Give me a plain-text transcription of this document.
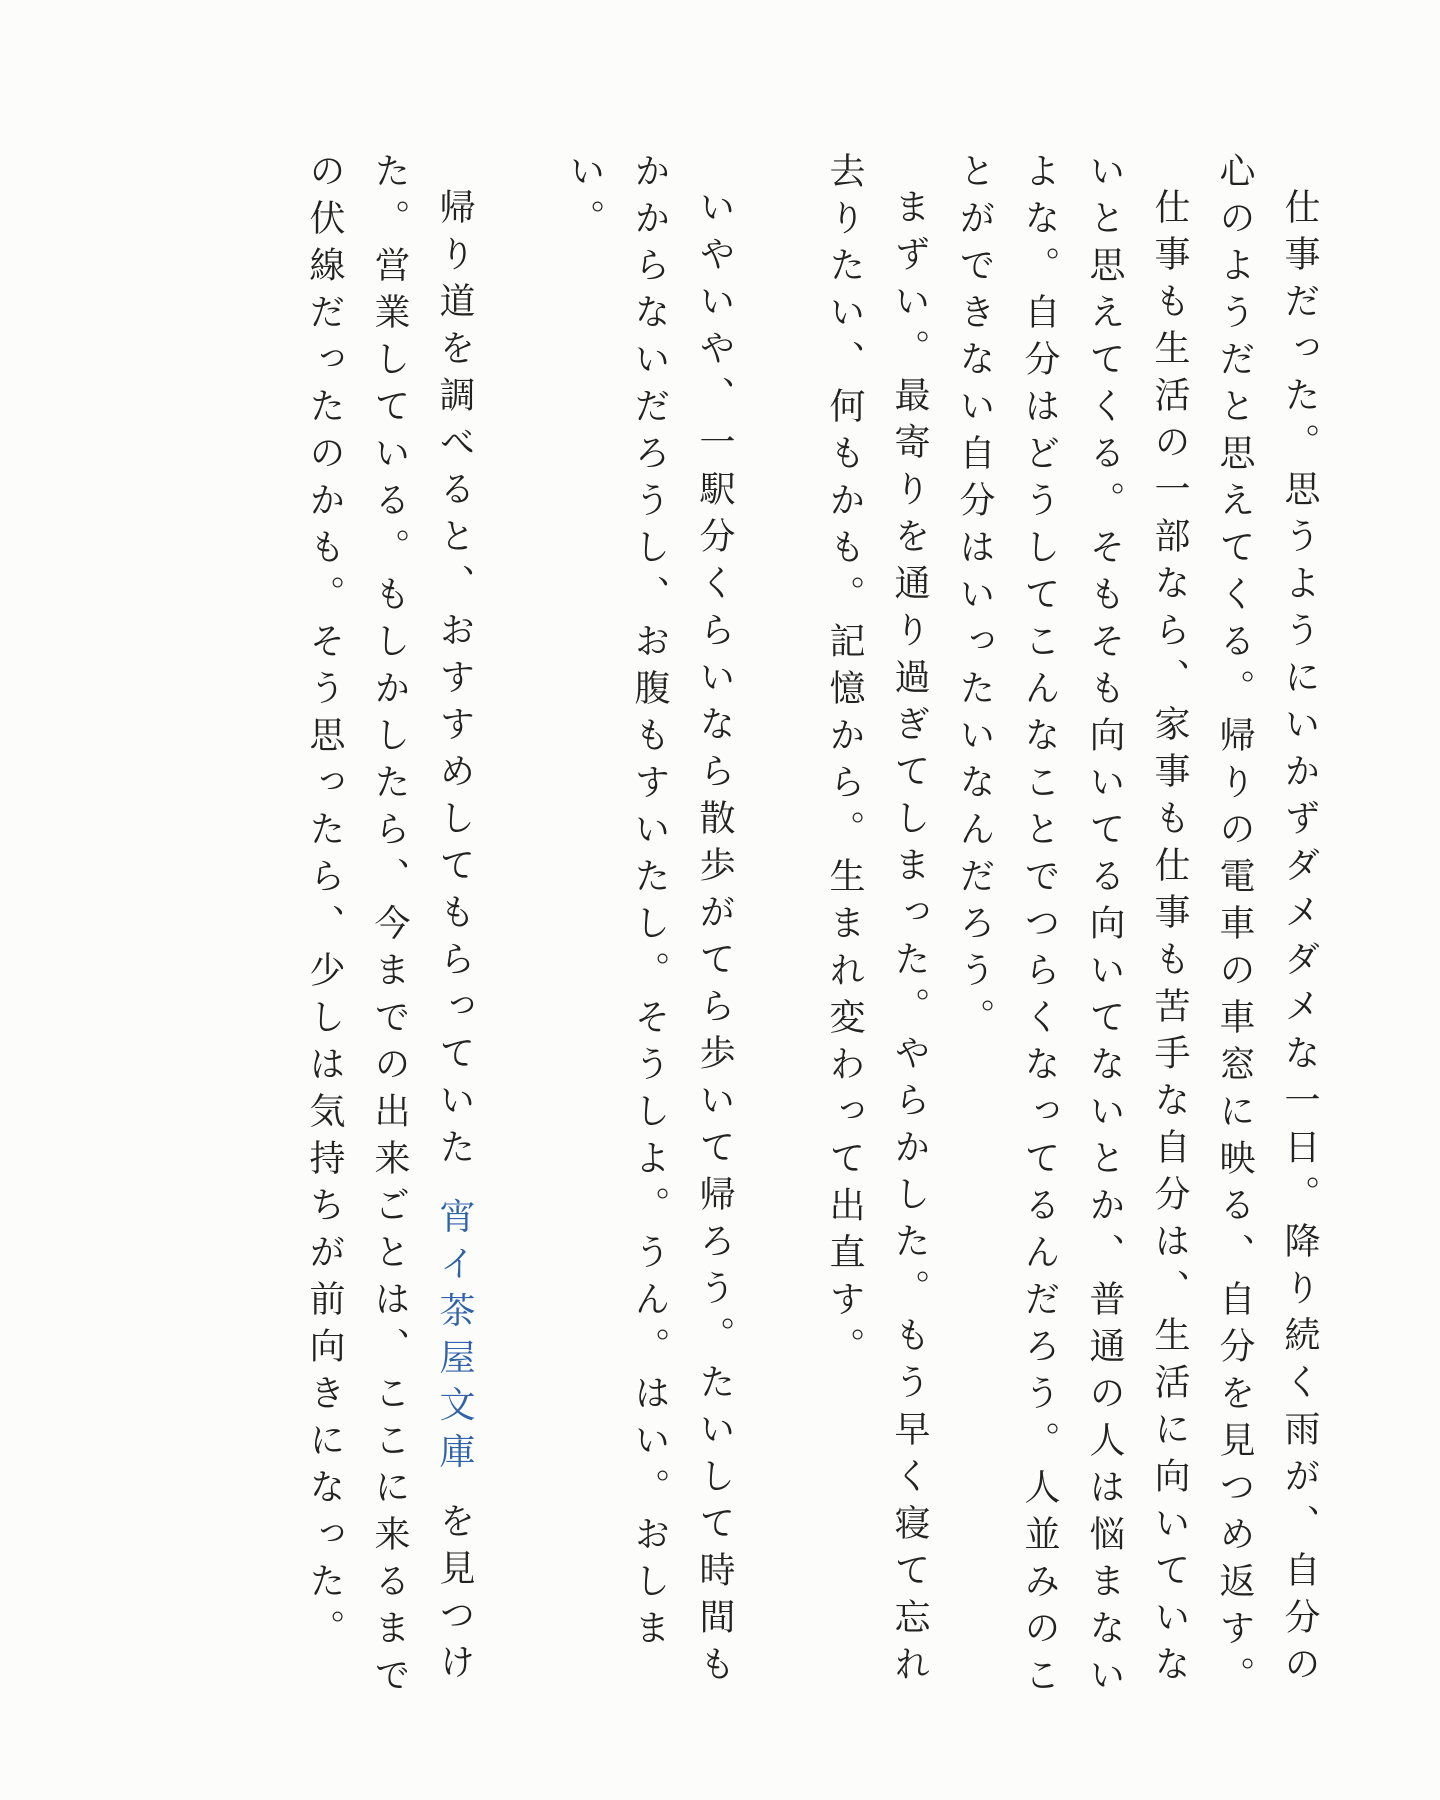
仕事だった。思うようにいかずダメダメな一日。降り続く雨が、自分の心のようだと思えてくる。帰りの電車の車窓に映る、自分を見つめ返す。

仕事も生活の一部なら、家事も仕事も苦手な自分は、生活に向いていないと思えてくる。そもそも向いてる向いてないとか、普通の人は悩まないよな。自分はどうしてこんなことでつらくなってるんだろう。人並みのことができない自分はいったいなんだろう。

まずい。最寄りを通り過ぎてしまった。やらかした。もう早く寝て忘れ去りたい、何もかも。記憶から。生まれ変わって出直す。

いやいや、一駅分くらいなら散歩がてら歩いて帰ろう。たいして時間もかからないだろうし、お腹もすいたし。そうしよ。うん。はい。おしまい。

帰り道を調べると、おすすめしてもらっていた 宵イ茶屋文庫 を見つけた。営業している。もしかしたら、今までの出来ごとは、ここに来るまでの伏線だったのかも。そう思ったら、少しは気持ちが前向きになった。
